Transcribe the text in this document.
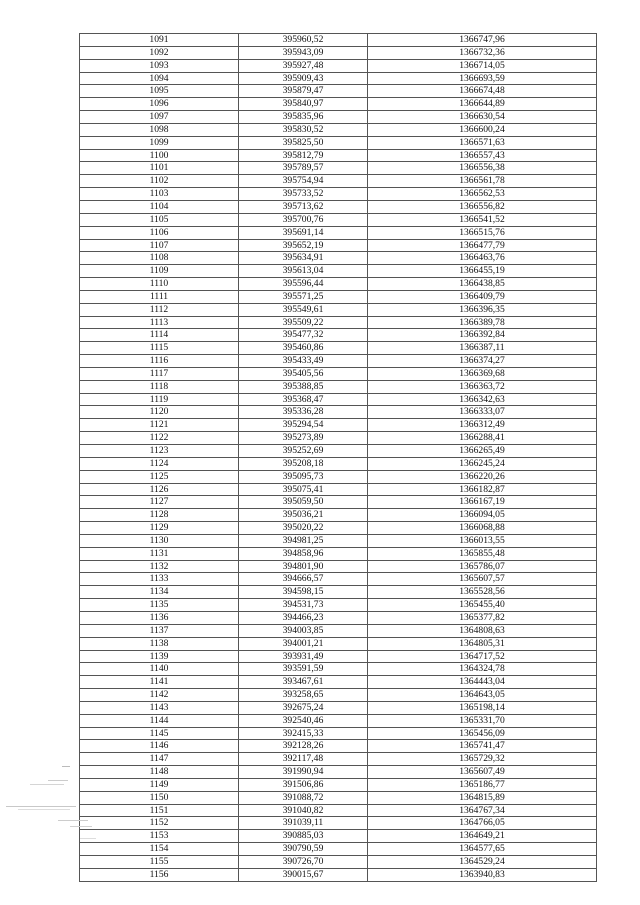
1091	395960,52	1366747,96
1092	395943,09	1366732,36
1093	395927,48	1366714,05
1094	395909,43	1366693,59
1095	395879,47	1366674,48
1096	395840,97	1366644,89
1097	395835,96	1366630,54
1098	395830,52	1366600,24
1099	395825,50	1366571,63
1100	395812,79	1366557,43
1101	395789,57	1366556,38
1102	395754,94	1366561,78
1103	395733,52	1366562,53
1104	395713,62	1366556,82
1105	395700,76	1366541,52
1106	395691,14	1366515,76
1107	395652,19	1366477,79
1108	395634,91	1366463,76
1109	395613,04	1366455,19
1110	395596,44	1366438,85
1111	395571,25	1366409,79
1112	395549,61	1366396,35
1113	395509,22	1366389,78
1114	395477,32	1366392,84
1115	395460,86	1366387,11
1116	395433,49	1366374,27
1117	395405,56	1366369,68
1118	395388,85	1366363,72
1119	395368,47	1366342,63
1120	395336,28	1366333,07
1121	395294,54	1366312,49
1122	395273,89	1366288,41
1123	395252,69	1366265,49
1124	395208,18	1366245,24
1125	395095,73	1366220,26
1126	395075,41	1366182,87
1127	395059,50	1366167,19
1128	395036,21	1366094,05
1129	395020,22	1366068,88
1130	394981,25	1366013,55
1131	394858,96	1365855,48
1132	394801,90	1365786,07
1133	394666,57	1365607,57
1134	394598,15	1365528,56
1135	394531,73	1365455,40
1136	394466,23	1365377,82
1137	394003,85	1364808,63
1138	394001,21	1364805,31
1139	393931,49	1364717,52
1140	393591,59	1364324,78
1141	393467,61	1364443,04
1142	393258,65	1364643,05
1143	392675,24	1365198,14
1144	392540,46	1365331,70
1145	392415,33	1365456,09
1146	392128,26	1365741,47
1147	392117,48	1365729,32
1148	391990,94	1365607,49
1149	391506,86	1365186,77
1150	391088,72	1364815,89
1151	391040,82	1364767,34
1152	391039,11	1364766,05
1153	390885,03	1364649,21
1154	390790,59	1364577,65
1155	390726,70	1364529,24
1156	390015,67	1363940,83
